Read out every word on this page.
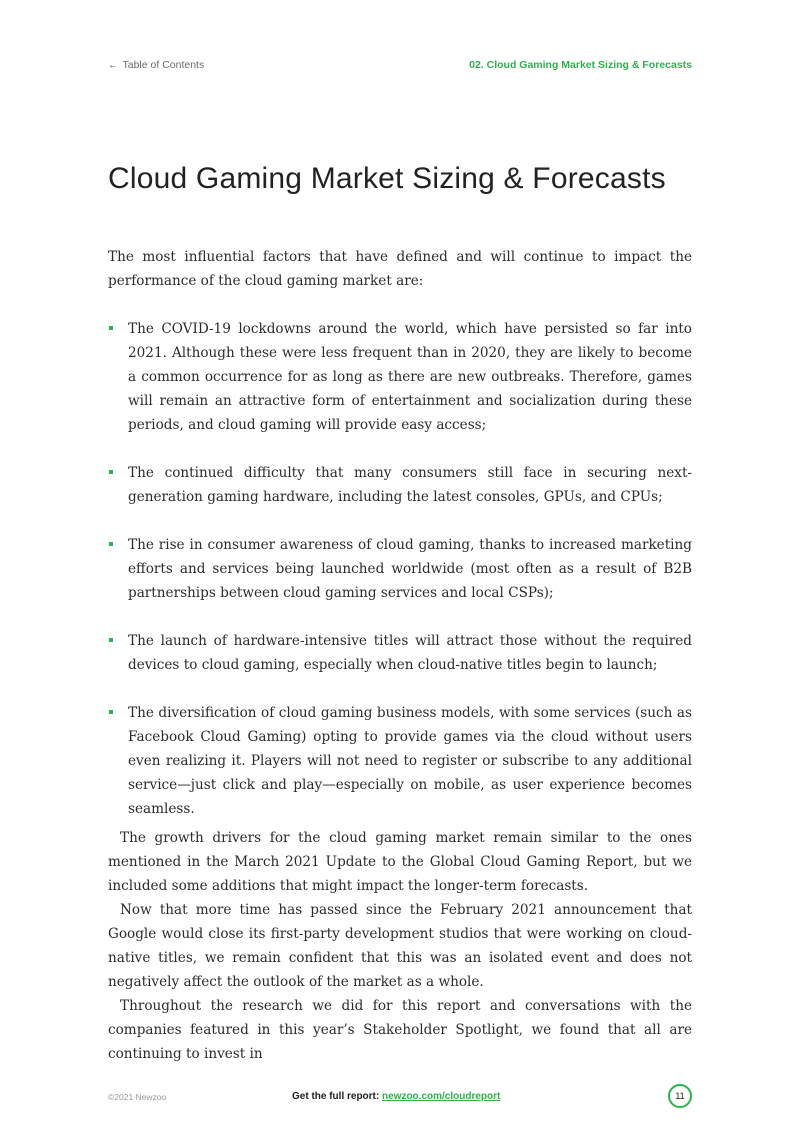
← Table of Contents	02. Cloud Gaming Market Sizing & Forecasts
Cloud Gaming Market Sizing & Forecasts

The most influential factors that have defined and will continue to impact the performance of the cloud gaming market are:

The COVID-19 lockdowns around the world, which have persisted so far into 2021. Although these were less frequent than in 2020, they are likely to become a common occurrence for as long as there are new outbreaks. Therefore, games will remain an attractive form of entertainment and socialization during these periods, and cloud gaming will provide easy access;
The continued difficulty that many consumers still face in securing next-generation gaming hardware, including the latest consoles, GPUs, and CPUs;
The rise in consumer awareness of cloud gaming, thanks to increased marketing efforts and services being launched worldwide (most often as a result of B2B partnerships between cloud gaming services and local CSPs);
The launch of hardware-intensive titles will attract those without the required devices to cloud gaming, especially when cloud-native titles begin to launch;
The diversification of cloud gaming business models, with some services (such as Facebook Cloud Gaming) opting to provide games via the cloud without users even realizing it. Players will not need to register or subscribe to any additional service—just click and play—especially on mobile, as user experience becomes seamless.

The growth drivers for the cloud gaming market remain similar to the ones mentioned in the March 2021 Update to the Global Cloud Gaming Report, but we included some additions that might impact the longer-term forecasts.

Now that more time has passed since the February 2021 announcement that Google would close its first-party development studios that were working on cloud-native titles, we remain confident that this was an isolated event and does not negatively affect the outlook of the market as a whole.

Throughout the research we did for this report and conversations with the companies featured in this year’s Stakeholder Spotlight, we found that all are continuing to invest in

©2021 Newzoo	Get the full report: newzoo.com/cloudreport	11
